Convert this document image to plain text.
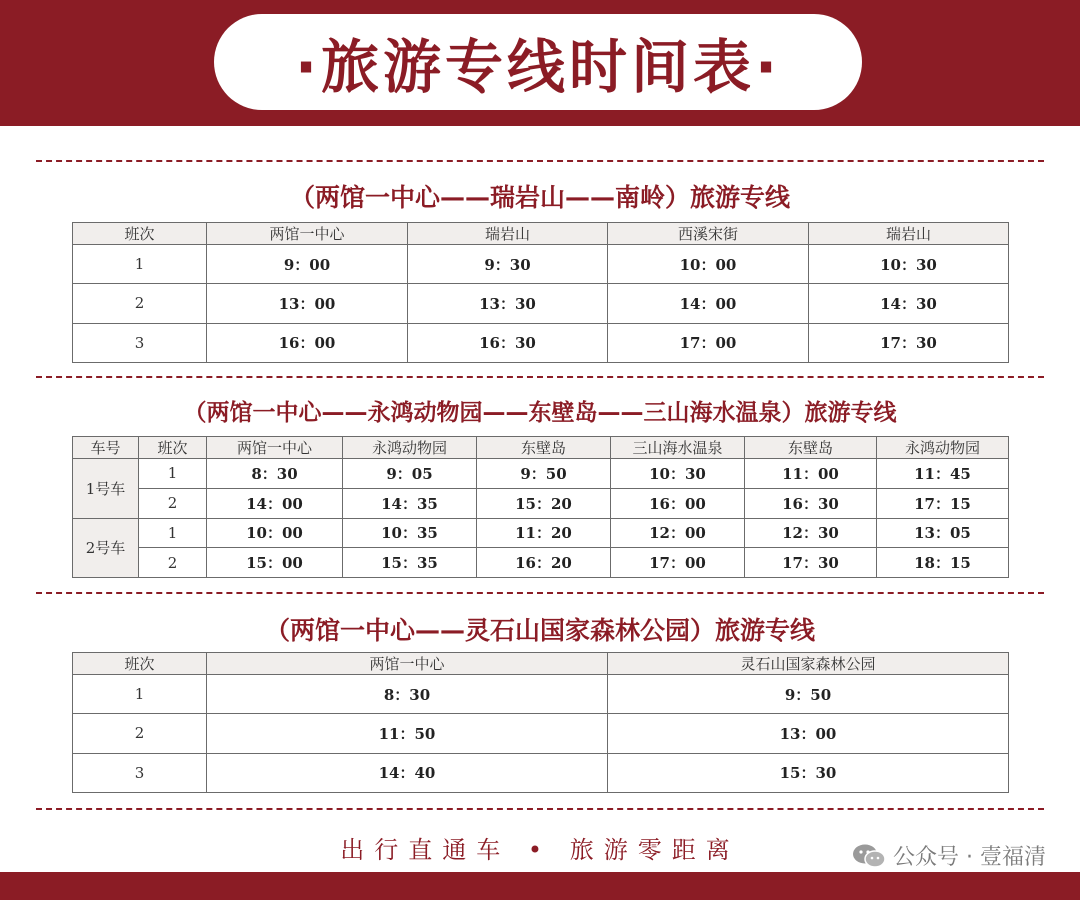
·旅游专线时间表·
（两馆一中心——瑞岩山——南岭）旅游专线
班次	两馆一中心	瑞岩山	西溪宋街	瑞岩山
1	9：00	9：30	10：00	10：30
2	13：00	13：30	14：00	14：30
3	16：00	16：30	17：00	17：30
（两馆一中心——永鸿动物园——东壁岛——三山海水温泉）旅游专线
车号	班次	两馆一中心	永鸿动物园	东壁岛	三山海水温泉	东壁岛	永鸿动物园
1号车	1	8：30	9：05	9：50	10：30	11：00	11：45
	2	14：00	14：35	15：20	16：00	16：30	17：15
2号车	1	10：00	10：35	11：20	12：00	12：30	13：05
	2	15：00	15：35	16：20	17：00	17：30	18：15
（两馆一中心——灵石山国家森林公园）旅游专线
班次	两馆一中心	灵石山国家森林公园
1	8：30	9：50
2	11：50	13：00
3	14：40	15：30
出行直通车 • 旅游零距离	公众号 · 壹福清
